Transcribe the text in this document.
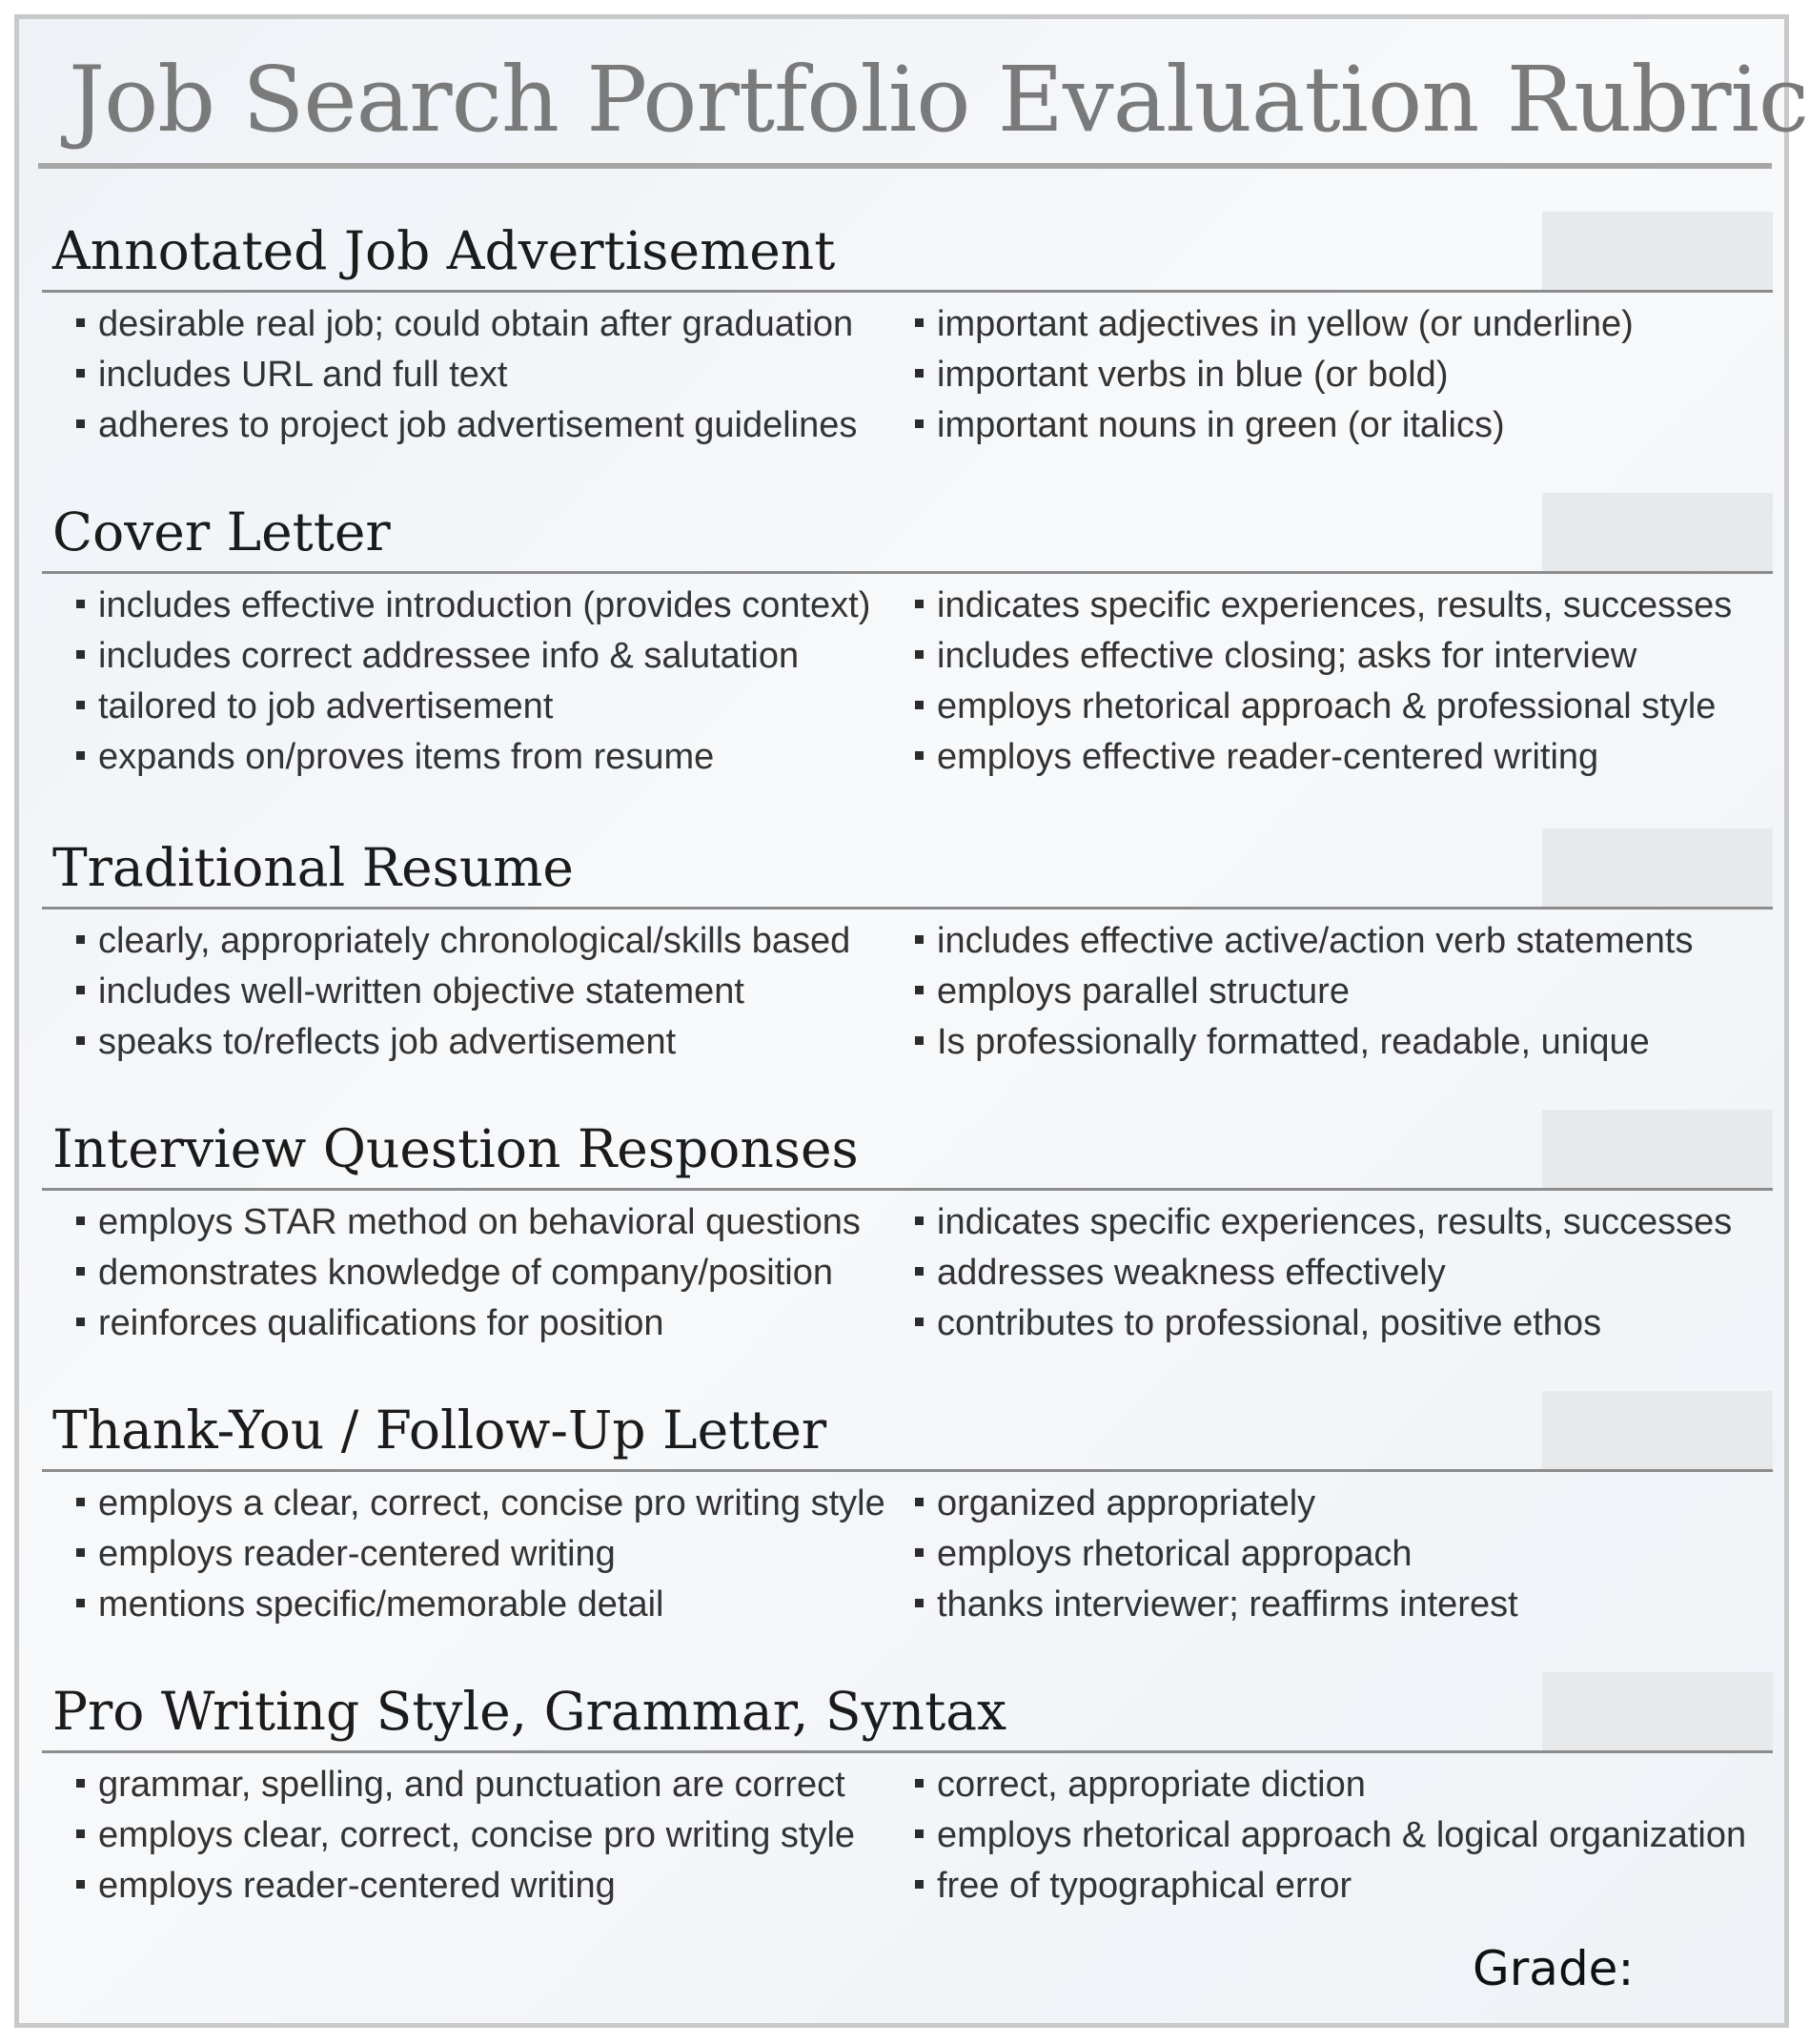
Job Search Portfolio Evaluation Rubric
Annotated Job Advertisement
desirable real job; could obtain after graduation
includes URL and full text
adheres to project job advertisement guidelines
important adjectives in yellow (or underline)
important verbs in blue (or bold)
important nouns in green (or italics)
Cover Letter
includes effective introduction (provides context)
includes correct addressee info & salutation
tailored to job advertisement
expands on/proves items from resume
indicates specific experiences, results, successes
includes effective closing; asks for interview
employs rhetorical approach & professional style
employs effective reader-centered writing
Traditional Resume
clearly, appropriately chronological/skills based
includes well-written objective statement
speaks to/reflects job advertisement
includes effective active/action verb statements
employs parallel structure
Is professionally formatted, readable, unique
Interview Question Responses
employs STAR method on behavioral questions
demonstrates knowledge of company/position
reinforces qualifications for position
indicates specific experiences, results, successes
addresses weakness effectively
contributes to professional, positive ethos
Thank-You / Follow-Up Letter
employs a clear, correct, concise pro writing style
employs reader-centered writing
mentions specific/memorable detail
organized appropriately
employs rhetorical appropach
thanks interviewer; reaffirms interest
Pro Writing Style, Grammar, Syntax
grammar, spelling, and punctuation are correct
employs clear, correct, concise pro writing style
employs reader-centered writing
correct, appropriate diction
employs rhetorical approach & logical organization
free of typographical error

Grade:
